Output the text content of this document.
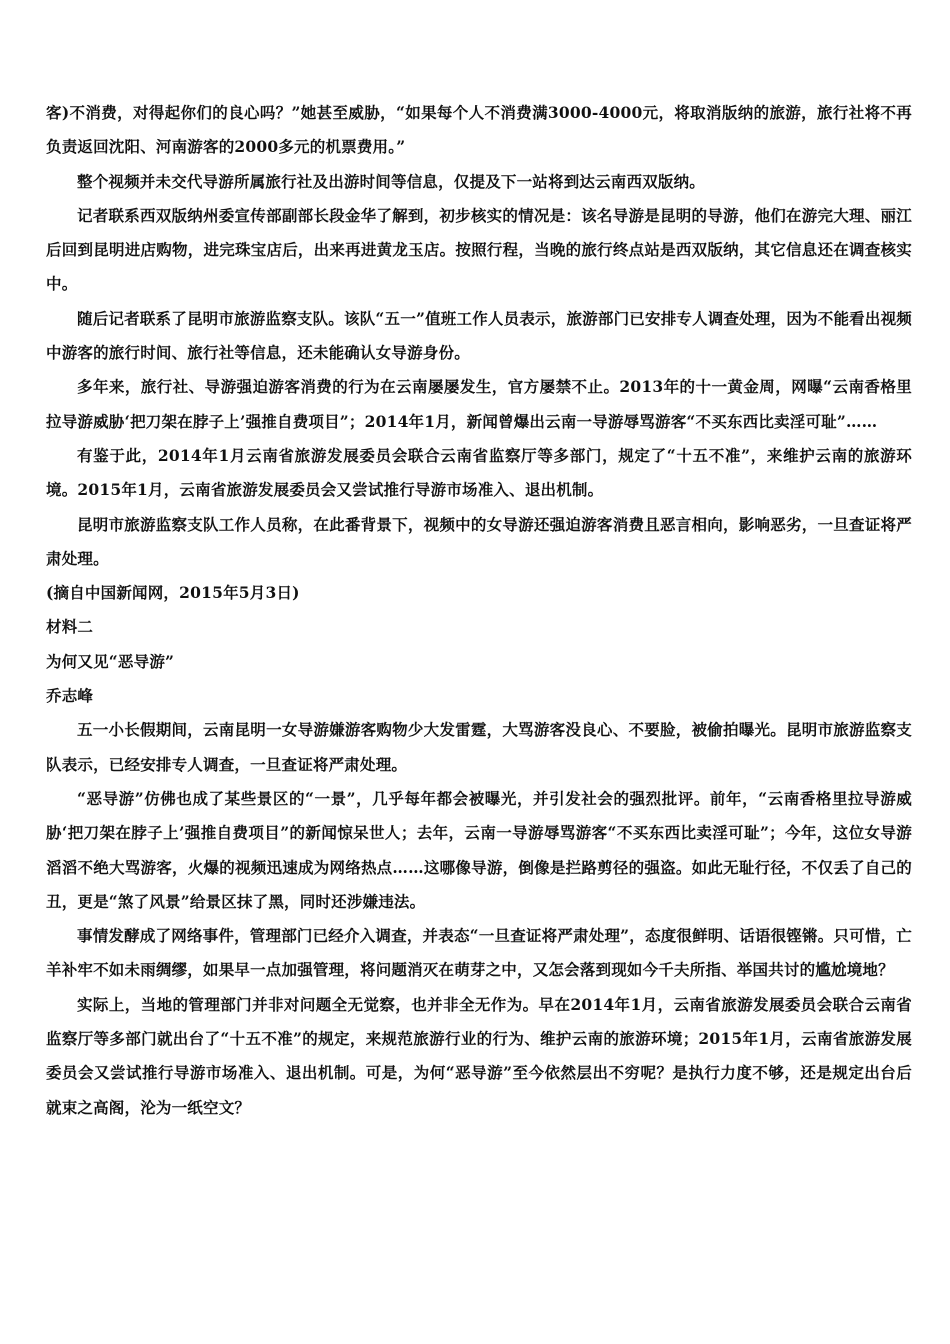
客)不消费，对得起你们的良心吗？”她甚至威胁，“如果每个人不消费满3000-4000元，将取消版纳的旅游，旅行社将不再负责返回沈阳、河南游客的2000多元的机票费用。”

整个视频并未交代导游所属旅行社及出游时间等信息，仅提及下一站将到达云南西双版纳。

记者联系西双版纳州委宣传部副部长段金华了解到，初步核实的情况是：该名导游是昆明的导游，他们在游完大理、丽江后回到昆明进店购物，进完珠宝店后，出来再进黄龙玉店。按照行程，当晚的旅行终点站是西双版纳，其它信息还在调查核实中。

随后记者联系了昆明市旅游监察支队。该队“五一”值班工作人员表示，旅游部门已安排专人调查处理，因为不能看出视频中游客的旅行时间、旅行社等信息，还未能确认女导游身份。

多年来，旅行社、导游强迫游客消费的行为在云南屡屡发生，官方屡禁不止。2013年的十一黄金周，网曝“云南香格里拉导游威胁‘把刀架在脖子上’强推自费项目”；2014年1月，新闻曾爆出云南一导游辱骂游客“不买东西比卖淫可耻”……

有鉴于此，2014年1月云南省旅游发展委员会联合云南省监察厅等多部门，规定了“十五不准”，来维护云南的旅游环境。2015年1月，云南省旅游发展委员会又尝试推行导游市场准入、退出机制。

昆明市旅游监察支队工作人员称，在此番背景下，视频中的女导游还强迫游客消费且恶言相向，影响恶劣，一旦查证将严肃处理。

(摘自中国新闻网，2015年5月3日)

材料二

为何又见“恶导游”

乔志峰

五一小长假期间，云南昆明一女导游嫌游客购物少大发雷霆，大骂游客没良心、不要脸，被偷拍曝光。昆明市旅游监察支队表示，已经安排专人调查，一旦查证将严肃处理。

“恶导游”仿佛也成了某些景区的“一景”，几乎每年都会被曝光，并引发社会的强烈批评。前年，“云南香格里拉导游威胁‘把刀架在脖子上’强推自费项目”的新闻惊呆世人；去年，云南一导游辱骂游客“不买东西比卖淫可耻”；今年，这位女导游滔滔不绝大骂游客，火爆的视频迅速成为网络热点……这哪像导游，倒像是拦路剪径的强盗。如此无耻行径，不仅丢了自己的丑，更是“煞了风景”给景区抹了黑，同时还涉嫌违法。

事情发酵成了网络事件，管理部门已经介入调查，并表态“一旦查证将严肃处理”，态度很鲜明、话语很铿锵。只可惜，亡羊补牢不如未雨绸缪，如果早一点加强管理，将问题消灭在萌芽之中，又怎会落到现如今千夫所指、举国共讨的尴尬境地？

实际上，当地的管理部门并非对问题全无觉察，也并非全无作为。早在2014年1月，云南省旅游发展委员会联合云南省监察厅等多部门就出台了“十五不准”的规定，来规范旅游行业的行为、维护云南的旅游环境；2015年1月，云南省旅游发展委员会又尝试推行导游市场准入、退出机制。可是，为何“恶导游”至今依然层出不穷呢？是执行力度不够，还是规定出台后就束之高阁，沦为一纸空文？
